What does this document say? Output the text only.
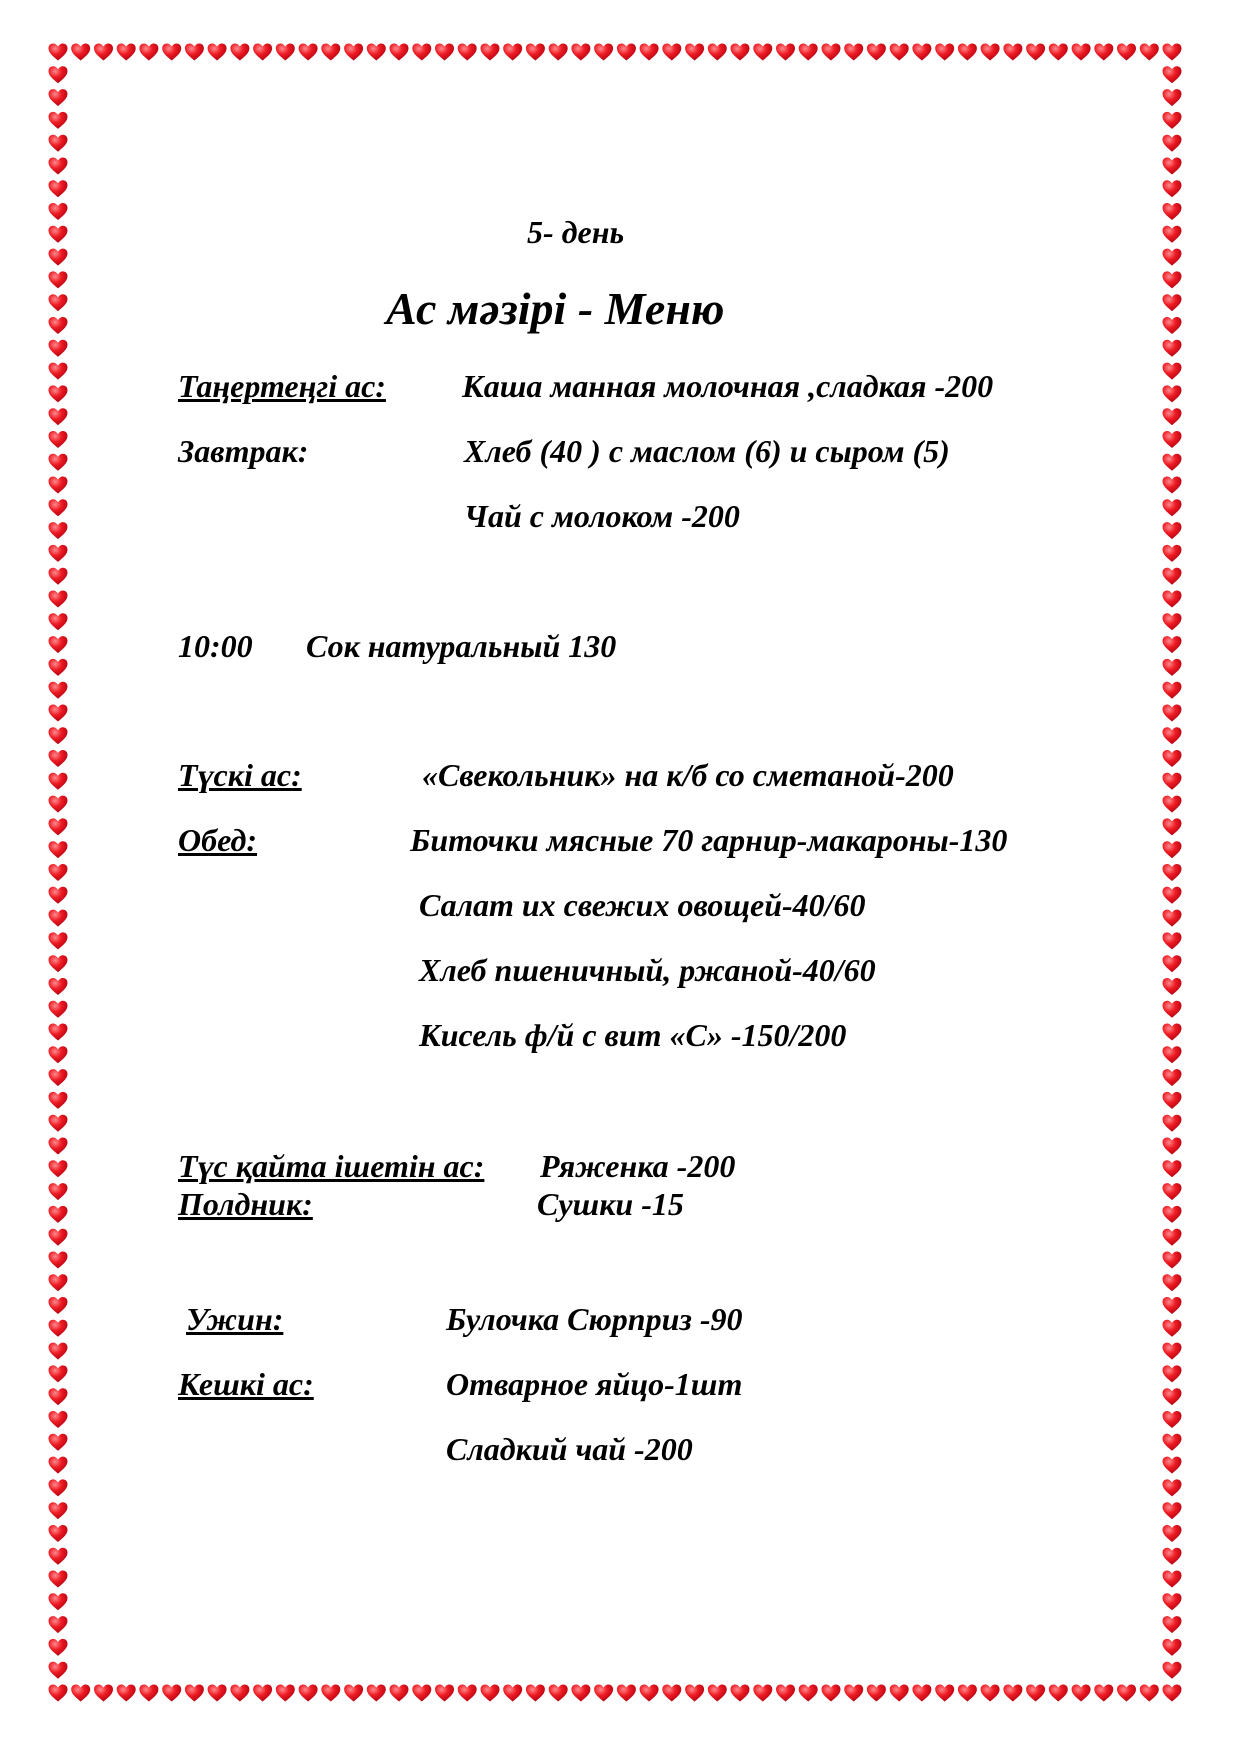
5- день
Ас мәзірі - Меню
Таңертеңгі ас: Каша манная молочная ,сладкая -200
Завтрак:	Хлеб (40 ) с маслом (6) и сыром (5)
Чай с молоком -200
10:00 Сок натуральный 130
Түскі ас:	«Свекольник» на к/б со сметаной-200
Обед:	Биточки мясные 70 гарнир-макароны-130
Салат их свежих овощей-40/60
Хлеб пшеничный, ржаной-40/60
Кисель ф/й с вит «С» -150/200
Түс қайта ішетін ас: Ряженка -200
Полдник:	Сушки -15
Ужин:	Булочка Сюрприз -90
Кешкі ас:	Отварное яйцо-1шт
Сладкий чай -200
